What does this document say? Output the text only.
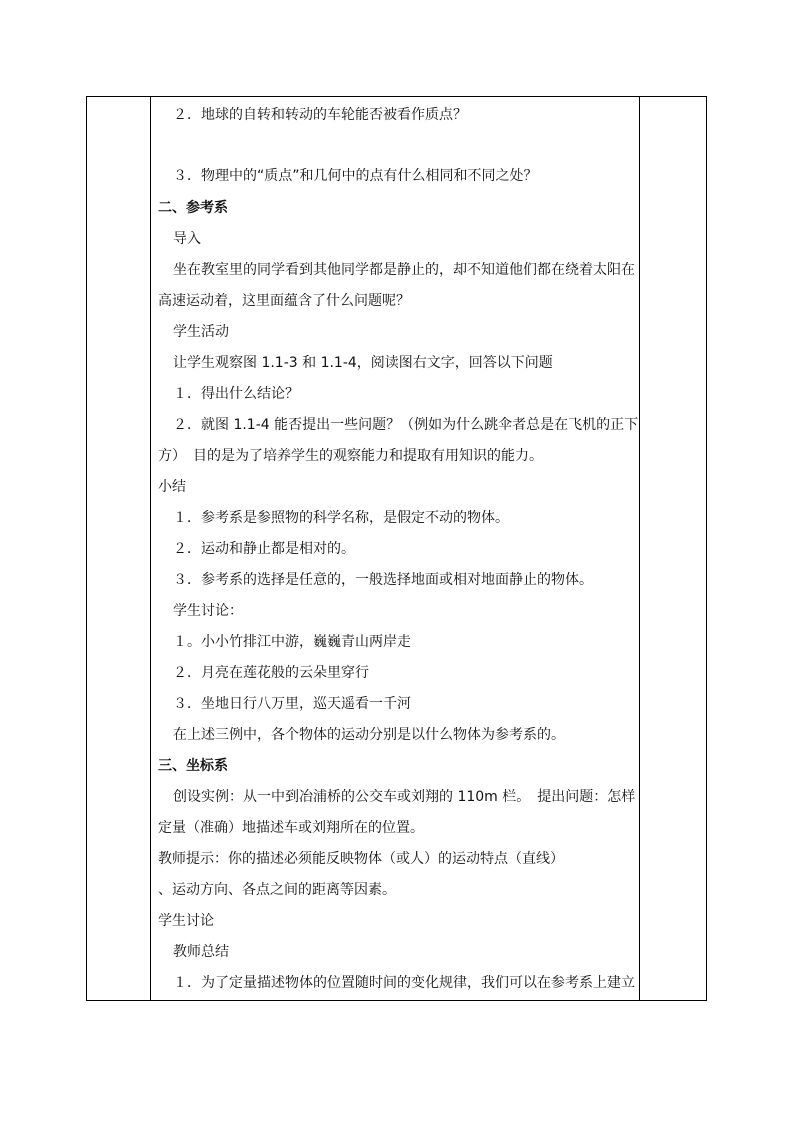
２．地球的自转和转动的车轮能否被看作质点？
３．物理中的“质点”和几何中的点有什么相同和不同之处？
二、参考系
导入
坐在教室里的同学看到其他同学都是静止的，却不知道他们都在绕着太阳在
高速运动着，这里面蕴含了什么问题呢？
学生活动
让学生观察图 1.1-3 和 1.1-4，阅读图右文字，回答以下问题
１．得出什么结论？
２．就图 1.1-4 能否提出一些问题？（例如为什么跳伞者总是在飞机的正下
方）　目的是为了培养学生的观察能力和提取有用知识的能力。
小结
１．参考系是参照物的科学名称，是假定不动的物体。
２．运动和静止都是相对的。
３．参考系的选择是任意的，一般选择地面或相对地面静止的物体。
学生讨论：
１。小小竹排江中游，巍巍青山两岸走
２．月亮在莲花般的云朵里穿行
３．坐地日行八万里，巡天遥看一千河
在上述三例中，各个物体的运动分别是以什么物体为参考系的。
三、坐标系
创设实例：从一中到冶浦桥的公交车或刘翔的 110m 栏。　提出问题：怎样
定量（准确）地描述车或刘翔所在的位置。
教师提示：你的描述必须能反映物体（或人）的运动特点（直线）
、运动方向、各点之间的距离等因素。
学生讨论
教师总结
１．为了定量描述物体的位置随时间的变化规律，我们可以在参考系上建立
